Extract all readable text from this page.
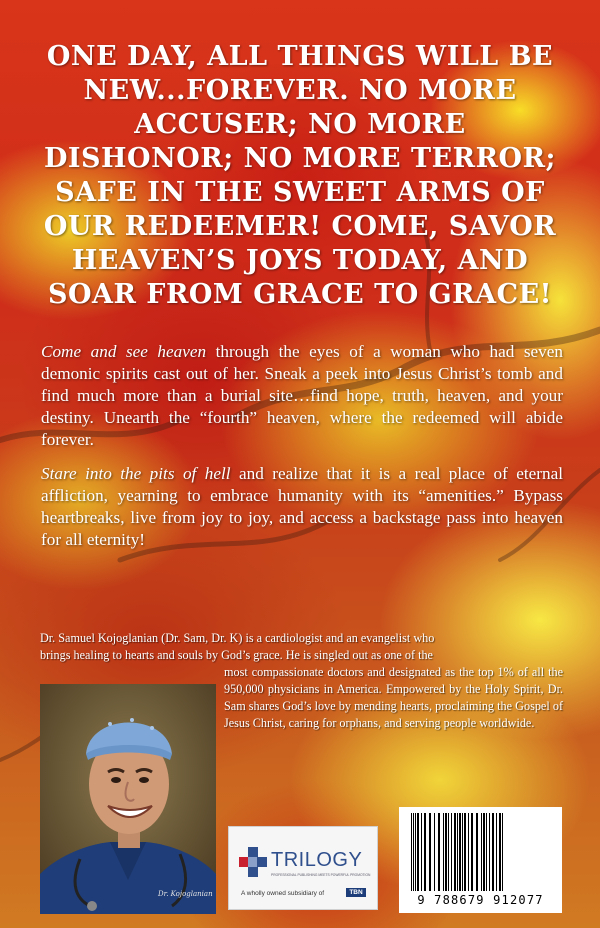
ONE DAY, ALL THINGS WILL BE NEW...FOREVER. NO MORE ACCUSER; NO MORE DISHONOR; NO MORE TERROR; SAFE IN THE SWEET ARMS OF OUR REDEEMER! COME, SAVOR HEAVEN’S JOYS TODAY, AND SOAR FROM GRACE TO GRACE!

Come and see heaven through the eyes of a woman who had seven demonic spirits cast out of her. Sneak a peek into Jesus Christ’s tomb and find much more than a burial site…find hope, truth, heaven, and your destiny. Unearth the “fourth” heaven, where the redeemed will abide forever.

Stare into the pits of hell and realize that it is a real place of eternal affliction, yearning to embrace humanity with its “amenities.” Bypass heartbreaks, live from joy to joy, and access a backstage pass into heaven for all eternity!

Dr. Samuel Kojoglanian (Dr. Sam, Dr. K) is a cardiologist and an evangelist who
brings healing to hearts and souls by God’s grace. He is singled out as one of the
most compassionate doctors and designated as the top 1% of all the 950,000 physicians in America. Empowered by the Holy Spirit, Dr. Sam shares God’s love by mending hearts, proclaiming the Gospel of Jesus Christ, caring for orphans, and serving people worldwide.
Dr. Kojoglanian
TRILOGY
PROFESSIONAL PUBLISHING MEETS POWERFUL PROMOTION
A wholly owned subsidiary of	TBN
9 788679 912077
